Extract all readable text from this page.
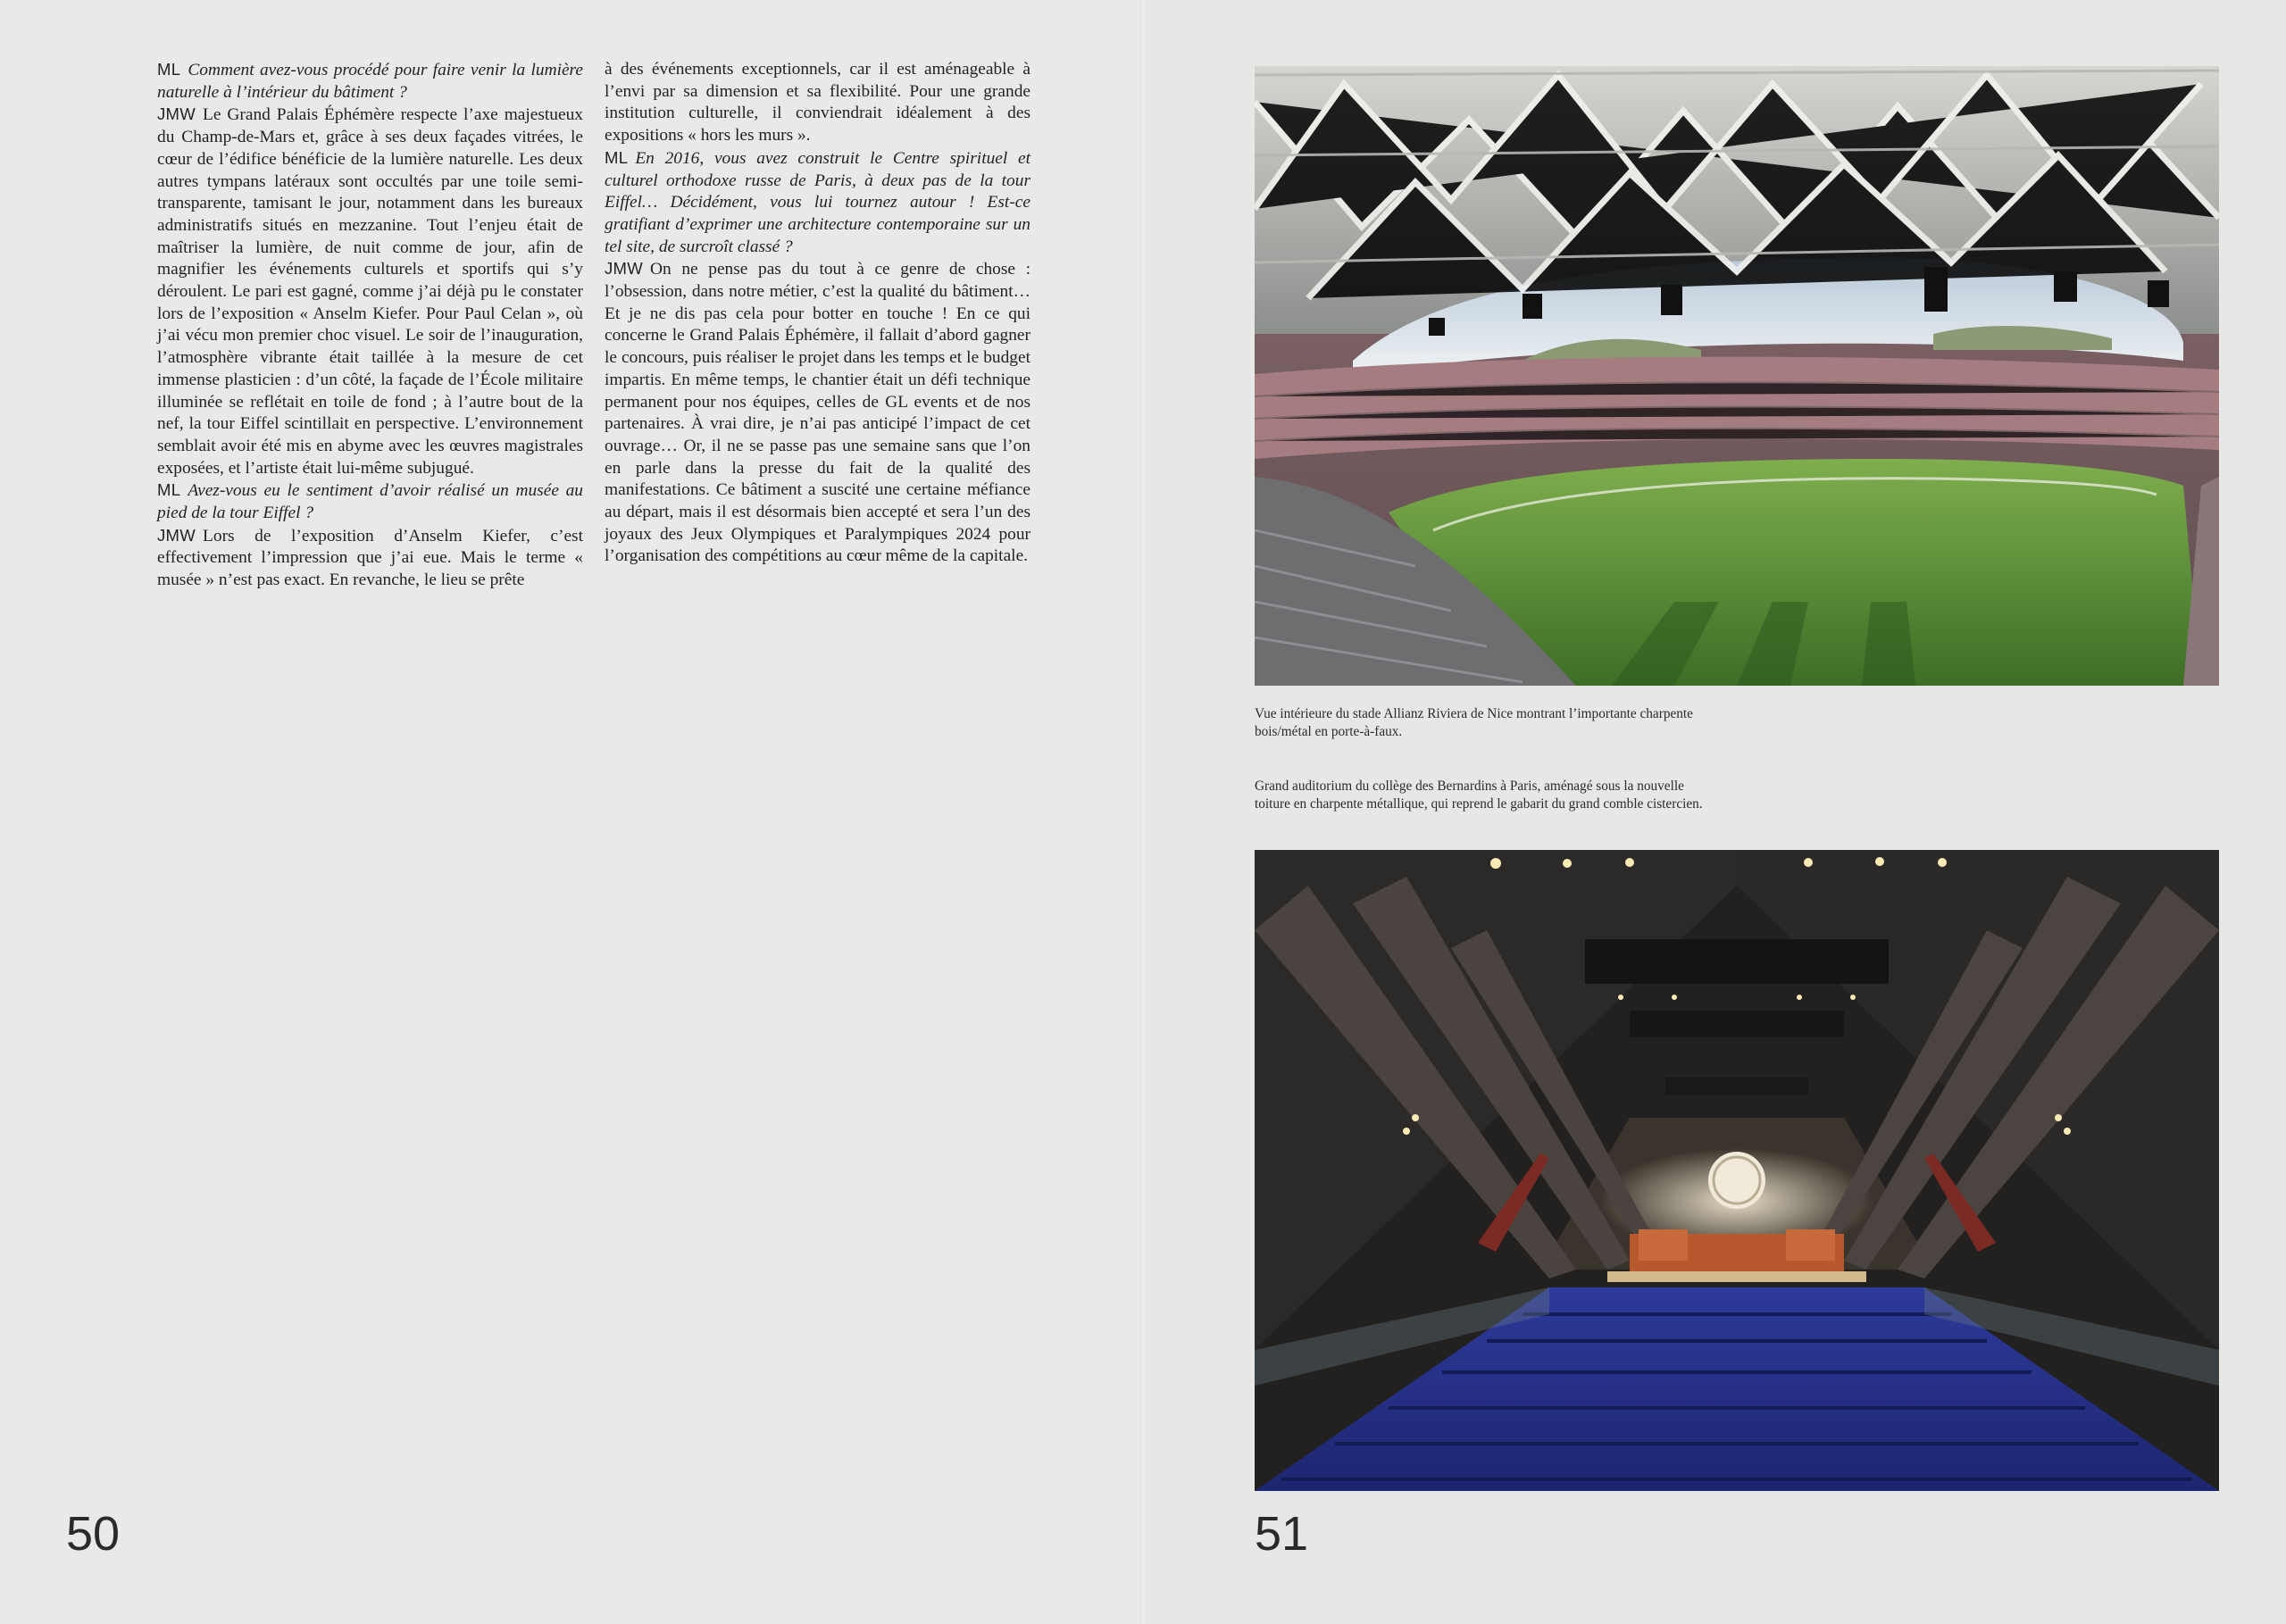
ML Comment avez-vous procédé pour faire venir la lumière naturelle à l’intérieur du bâtiment ?

JMW Le Grand Palais Éphémère respecte l’axe majestueux du Champ-de-Mars et, grâce à ses deux façades vitrées, le cœur de l’édifice bénéficie de la lumière naturelle. Les deux autres tympans latéraux sont occultés par une toile semi-transparente, tamisant le jour, notamment dans les bureaux administratifs situés en mezzanine. Tout l’enjeu était de maîtriser la lumière, de nuit comme de jour, afin de magnifier les événements culturels et sportifs qui s’y déroulent. Le pari est gagné, comme j’ai déjà pu le constater lors de l’exposition « Anselm Kiefer. Pour Paul Celan », où j’ai vécu mon premier choc visuel. Le soir de l’inauguration, l’atmosphère vibrante était taillée à la mesure de cet immense plasticien : d’un côté, la façade de l’École militaire illuminée se reflétait en toile de fond ; à l’autre bout de la nef, la tour Eiffel scintillait en perspective. L’environnement semblait avoir été mis en abyme avec les œuvres magistrales exposées, et l’artiste était lui-même subjugué.

ML Avez-vous eu le sentiment d’avoir réalisé un musée au pied de la tour Eiffel ?

JMW Lors de l’exposition d’Anselm Kiefer, c’est effectivement l’impression que j’ai eue. Mais le terme « musée » n’est pas exact. En revanche, le lieu se prête

à des événements exceptionnels, car il est aménageable à l’envi par sa dimension et sa flexibilité. Pour une grande institution culturelle, il conviendrait idéalement à des expositions « hors les murs ».

ML En 2016, vous avez construit le Centre spirituel et culturel orthodoxe russe de Paris, à deux pas de la tour Eiffel… Décidément, vous lui tournez autour ! Est-ce gratifiant d’exprimer une architecture contemporaine sur un tel site, de surcroît classé ?

JMW On ne pense pas du tout à ce genre de chose : l’obsession, dans notre métier, c’est la qualité du bâtiment… Et je ne dis pas cela pour botter en touche ! En ce qui concerne le Grand Palais Éphémère, il fallait d’abord gagner le concours, puis réaliser le projet dans les temps et le budget impartis. En même temps, le chantier était un défi technique permanent pour nos équipes, celles de GL events et de nos partenaires. À vrai dire, je n’ai pas anticipé l’impact de cet ouvrage… Or, il ne se passe pas une semaine sans que l’on en parle dans la presse du fait de la qualité des manifestations. Ce bâtiment a suscité une certaine méfiance au départ, mais il est désormais bien accepté et sera l’un des joyaux des Jeux Olympiques et Paralympiques 2024 pour l’organisation des compétitions au cœur même de la capitale.

50	51
Vue intérieure du stade Allianz Riviera de Nice montrant l’importante charpente bois/métal en porte-à-faux.
Grand auditorium du collège des Bernardins à Paris, aménagé sous la nouvelle toiture en charpente métallique, qui reprend le gabarit du grand comble cistercien.
